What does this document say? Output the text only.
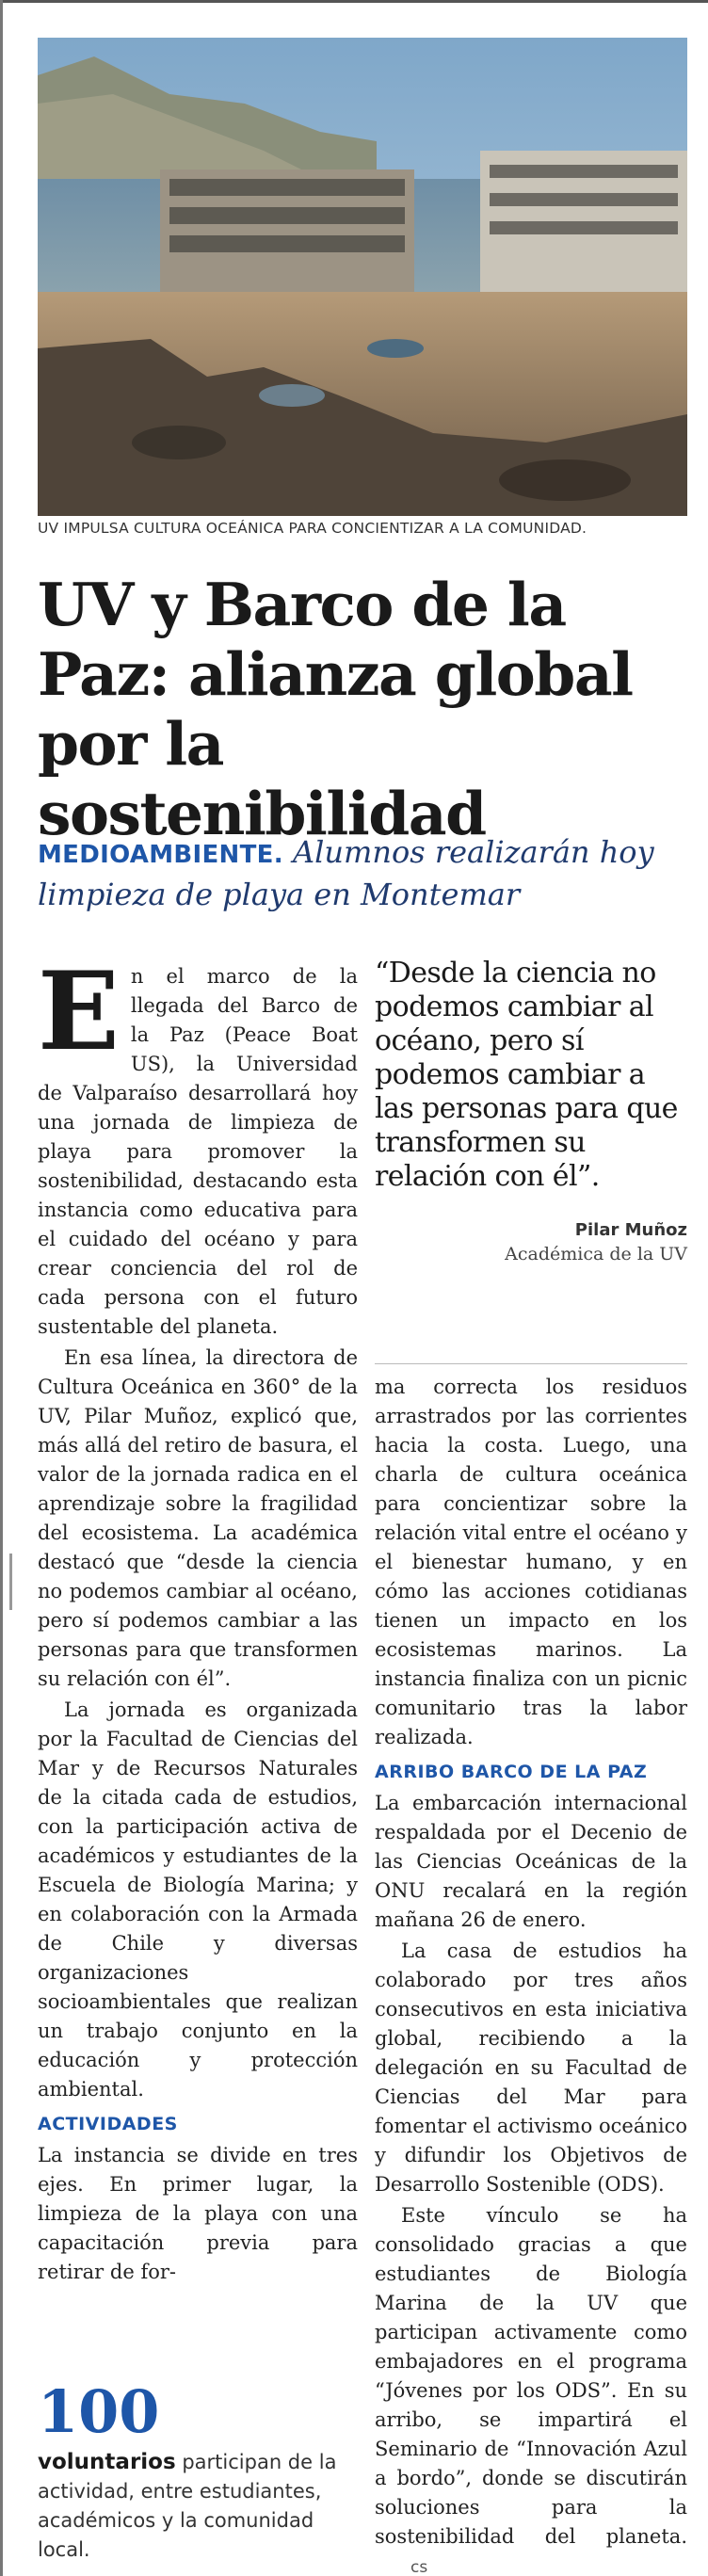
UV IMPULSA CULTURA OCEÁNICA PARA CONCIENTIZAR A LA COMUNIDAD.
UV y Barco de la Paz: alianza global por la sostenibilidad
MEDIOAMBIENTE. Alumnos realizarán hoy limpieza de playa en Montemar

En el marco de la llegada del Barco de la Paz (Peace Boat US), la Universidad de Valparaíso desarrollará hoy una jornada de limpieza de playa para promover la sostenibilidad, destacando esta instancia como educativa para el cuidado del océano y para crear conciencia del rol de cada persona con el futuro sustentable del planeta.

En esa línea, la directora de Cultura Oceánica en 360° de la UV, Pilar Muñoz, explicó que, más allá del retiro de basura, el valor de la jornada radica en el aprendizaje sobre la fragilidad del ecosistema. La académica destacó que “desde la ciencia no podemos cambiar al océano, pero sí podemos cambiar a las personas para que transformen su relación con él”.

La jornada es organizada por la Facultad de Ciencias del Mar y de Recursos Naturales de la citada cada de estudios, con la participación activa de académicos y estudiantes de la Escuela de Biología Marina; y en colaboración con la Armada de Chile y diversas organizaciones socioambientales que realizan un trabajo conjunto en la educación y protección ambiental.

ACTIVIDADES

La instancia se divide en tres ejes. En primer lugar, la limpieza de la playa con una capacitación previa para retirar de for-

“Desde la ciencia no podemos cambiar al océano, pero sí podemos cambiar a las personas para que transformen su relación con él”.
Pilar Muñoz
Académica de la UV

ma correcta los residuos arrastrados por las corrientes hacia la costa. Luego, una charla de cultura oceánica para concientizar sobre la relación vital entre el océano y el bienestar humano, y en cómo las acciones cotidianas tienen un impacto en los ecosistemas marinos. La instancia finaliza con un picnic comunitario tras la labor realizada.

ARRIBO BARCO DE LA PAZ

La embarcación internacional respaldada por el Decenio de las Ciencias Oceánicas de la ONU recalará en la región mañana 26 de enero.

La casa de estudios ha colaborado por tres años consecutivos en esta iniciativa global, recibiendo a la delegación en su Facultad de Ciencias del Mar para fomentar el activismo oceánico y difundir los Objetivos de Desarrollo Sostenible (ODS).

Este vínculo se ha consolidado gracias a que estudiantes de Biología Marina de la UV que participan activamente como embajadores en el programa “Jóvenes por los ODS”. En su arribo, se impartirá el Seminario de “Innovación Azul a bordo”, donde se discutirán soluciones para la sostenibilidad del planeta.cs

100
voluntarios participan de la actividad, entre estudiantes, académicos y la comunidad local.
